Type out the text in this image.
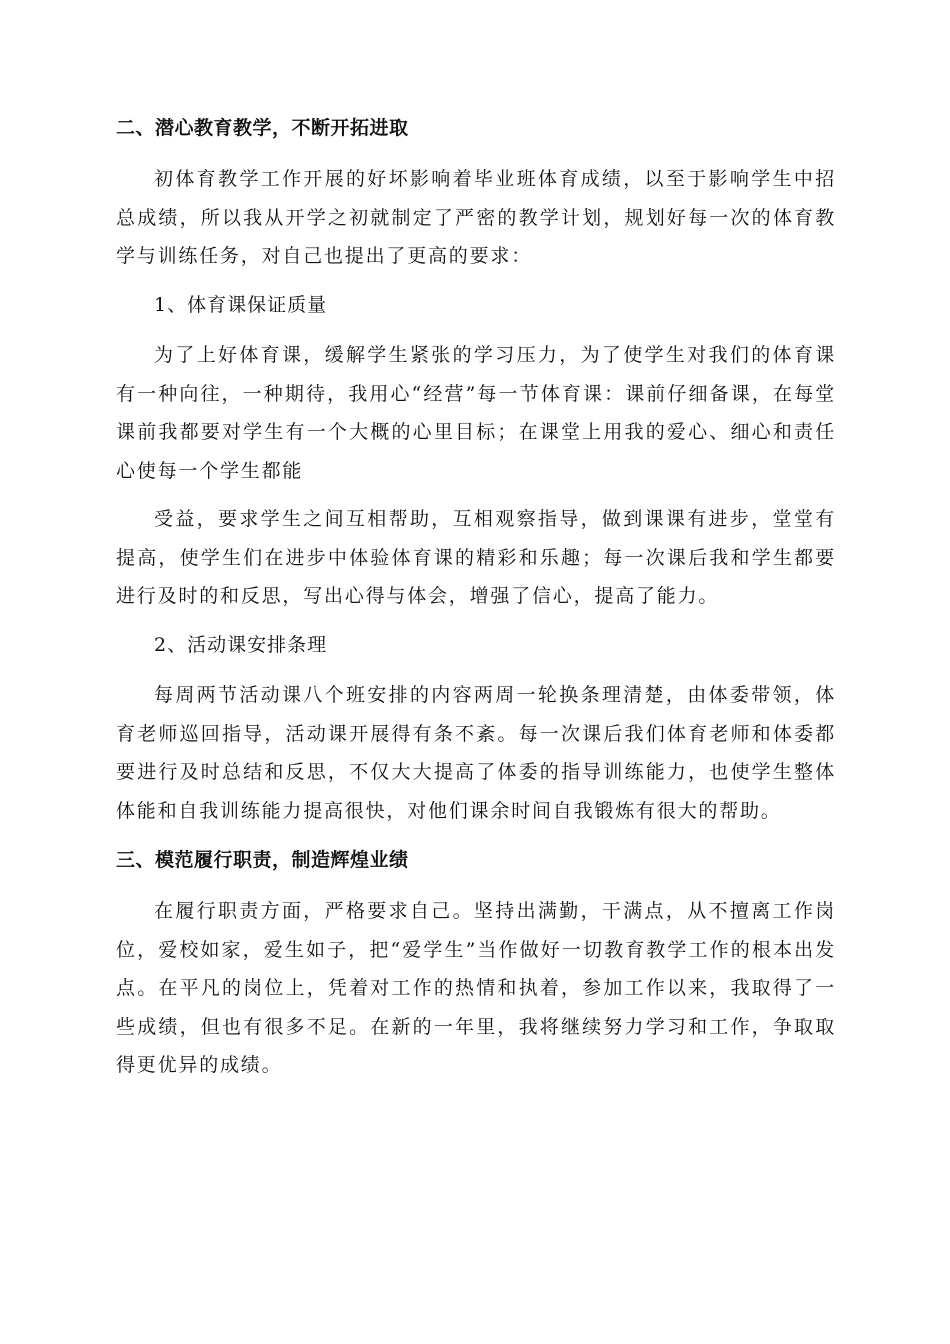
二、潜心教育教学，不断开拓进取

初体育教学工作开展的好坏影响着毕业班体育成绩，以至于影响学生中招总成绩，所以我从开学之初就制定了严密的教学计划，规划好每一次的体育教学与训练任务，对自己也提出了更高的要求：

1、体育课保证质量

为了上好体育课，缓解学生紧张的学习压力，为了使学生对我们的体育课有一种向往，一种期待，我用心“经营”每一节体育课：课前仔细备课，在每堂课前我都要对学生有一个大概的心里目标；在课堂上用我的爱心、细心和责任心使每一个学生都能

受益，要求学生之间互相帮助，互相观察指导，做到课课有进步，堂堂有提高，使学生们在进步中体验体育课的精彩和乐趣；每一次课后我和学生都要进行及时的和反思，写出心得与体会，增强了信心，提高了能力。

2、活动课安排条理

每周两节活动课八个班安排的内容两周一轮换条理清楚，由体委带领，体育老师巡回指导，活动课开展得有条不紊。每一次课后我们体育老师和体委都要进行及时总结和反思，不仅大大提高了体委的指导训练能力，也使学生整体体能和自我训练能力提高很快，对他们课余时间自我锻炼有很大的帮助。

三、模范履行职责，制造辉煌业绩

在履行职责方面，严格要求自己。坚持出满勤，干满点，从不擅离工作岗位，爱校如家，爱生如子，把“爱学生”当作做好一切教育教学工作的根本出发点。在平凡的岗位上，凭着对工作的热情和执着，参加工作以来，我取得了一些成绩，但也有很多不足。在新的一年里，我将继续努力学习和工作，争取取得更优异的成绩。
